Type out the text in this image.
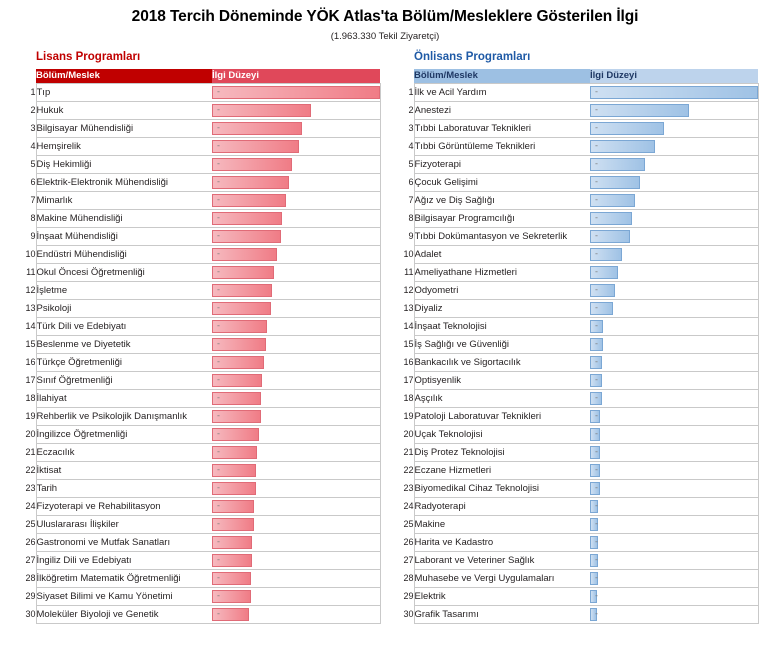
2018 Tercih Döneminde YÖK Atlas'ta Bölüm/Mesleklere Gösterilen İlgi
(1.963.330 Tekil Ziyaretçi)
Lisans Programları
	Bölüm/Meslek	İlgi Düzeyi
1	Tıp	-

2	Hukuk	-

3	Bilgisayar Mühendisliği	-

4	Hemşirelik	-

5	Diş Hekimliği	-

6	Elektrik-Elektronik Mühendisliği	-

7	Mimarlık	-

8	Makine Mühendisliği	-

9	İnşaat Mühendisliği	-

10	Endüstri Mühendisliği	-

11	Okul Öncesi Öğretmenliği	-

12	İşletme	-

13	Psikoloji	-

14	Türk Dili ve Edebiyatı	-

15	Beslenme ve Diyetetik	-

16	Türkçe Öğretmenliği	-

17	Sınıf Öğretmenliği	-

18	İlahiyat	-

19	Rehberlik ve Psikolojik Danışmanlık	-

20	İngilizce Öğretmenliği	-

21	Eczacılık	-

22	İktisat	-

23	Tarih	-

24	Fizyoterapi ve Rehabilitasyon	-

25	Uluslararası İlişkiler	-

26	Gastronomi ve Mutfak Sanatları	-

27	İngiliz Dili ve Edebiyatı	-

28	İlköğretim Matematik Öğretmenliği	-

29	Siyaset Bilimi ve Kamu Yönetimi	-

30	Moleküler Biyoloji ve Genetik	-
Önlisans Programları
	Bölüm/Meslek	İlgi Düzeyi
1	İlk ve Acil Yardım	-

2	Anestezi	-

3	Tıbbi Laboratuvar Teknikleri	-

4	Tıbbi Görüntüleme Teknikleri	-

5	Fizyoterapi	-

6	Çocuk Gelişimi	-

7	Ağız ve Diş Sağlığı	-

8	Bilgisayar Programcılığı	-

9	Tıbbi Dokümantasyon ve Sekreterlik	-

10	Adalet	-

11	Ameliyathane Hizmetleri	-

12	Odyometri	-

13	Diyaliz	-

14	İnşaat Teknolojisi	-

15	İş Sağlığı ve Güvenliği	-

16	Bankacılık ve Sigortacılık	-

17	Optisyenlik	-

18	Aşçılık	-

19	Patoloji Laboratuvar Teknikleri	-

20	Uçak Teknolojisi	-

21	Diş Protez Teknolojisi	-

22	Eczane Hizmetleri	-

23	Biyomedikal Cihaz Teknolojisi	-

24	Radyoterapi	-

25	Makine	-

26	Harita ve Kadastro	-

27	Laborant ve Veteriner Sağlık	-

28	Muhasebe ve Vergi Uygulamaları	-

29	Elektrik	-

30	Grafik Tasarımı	-
